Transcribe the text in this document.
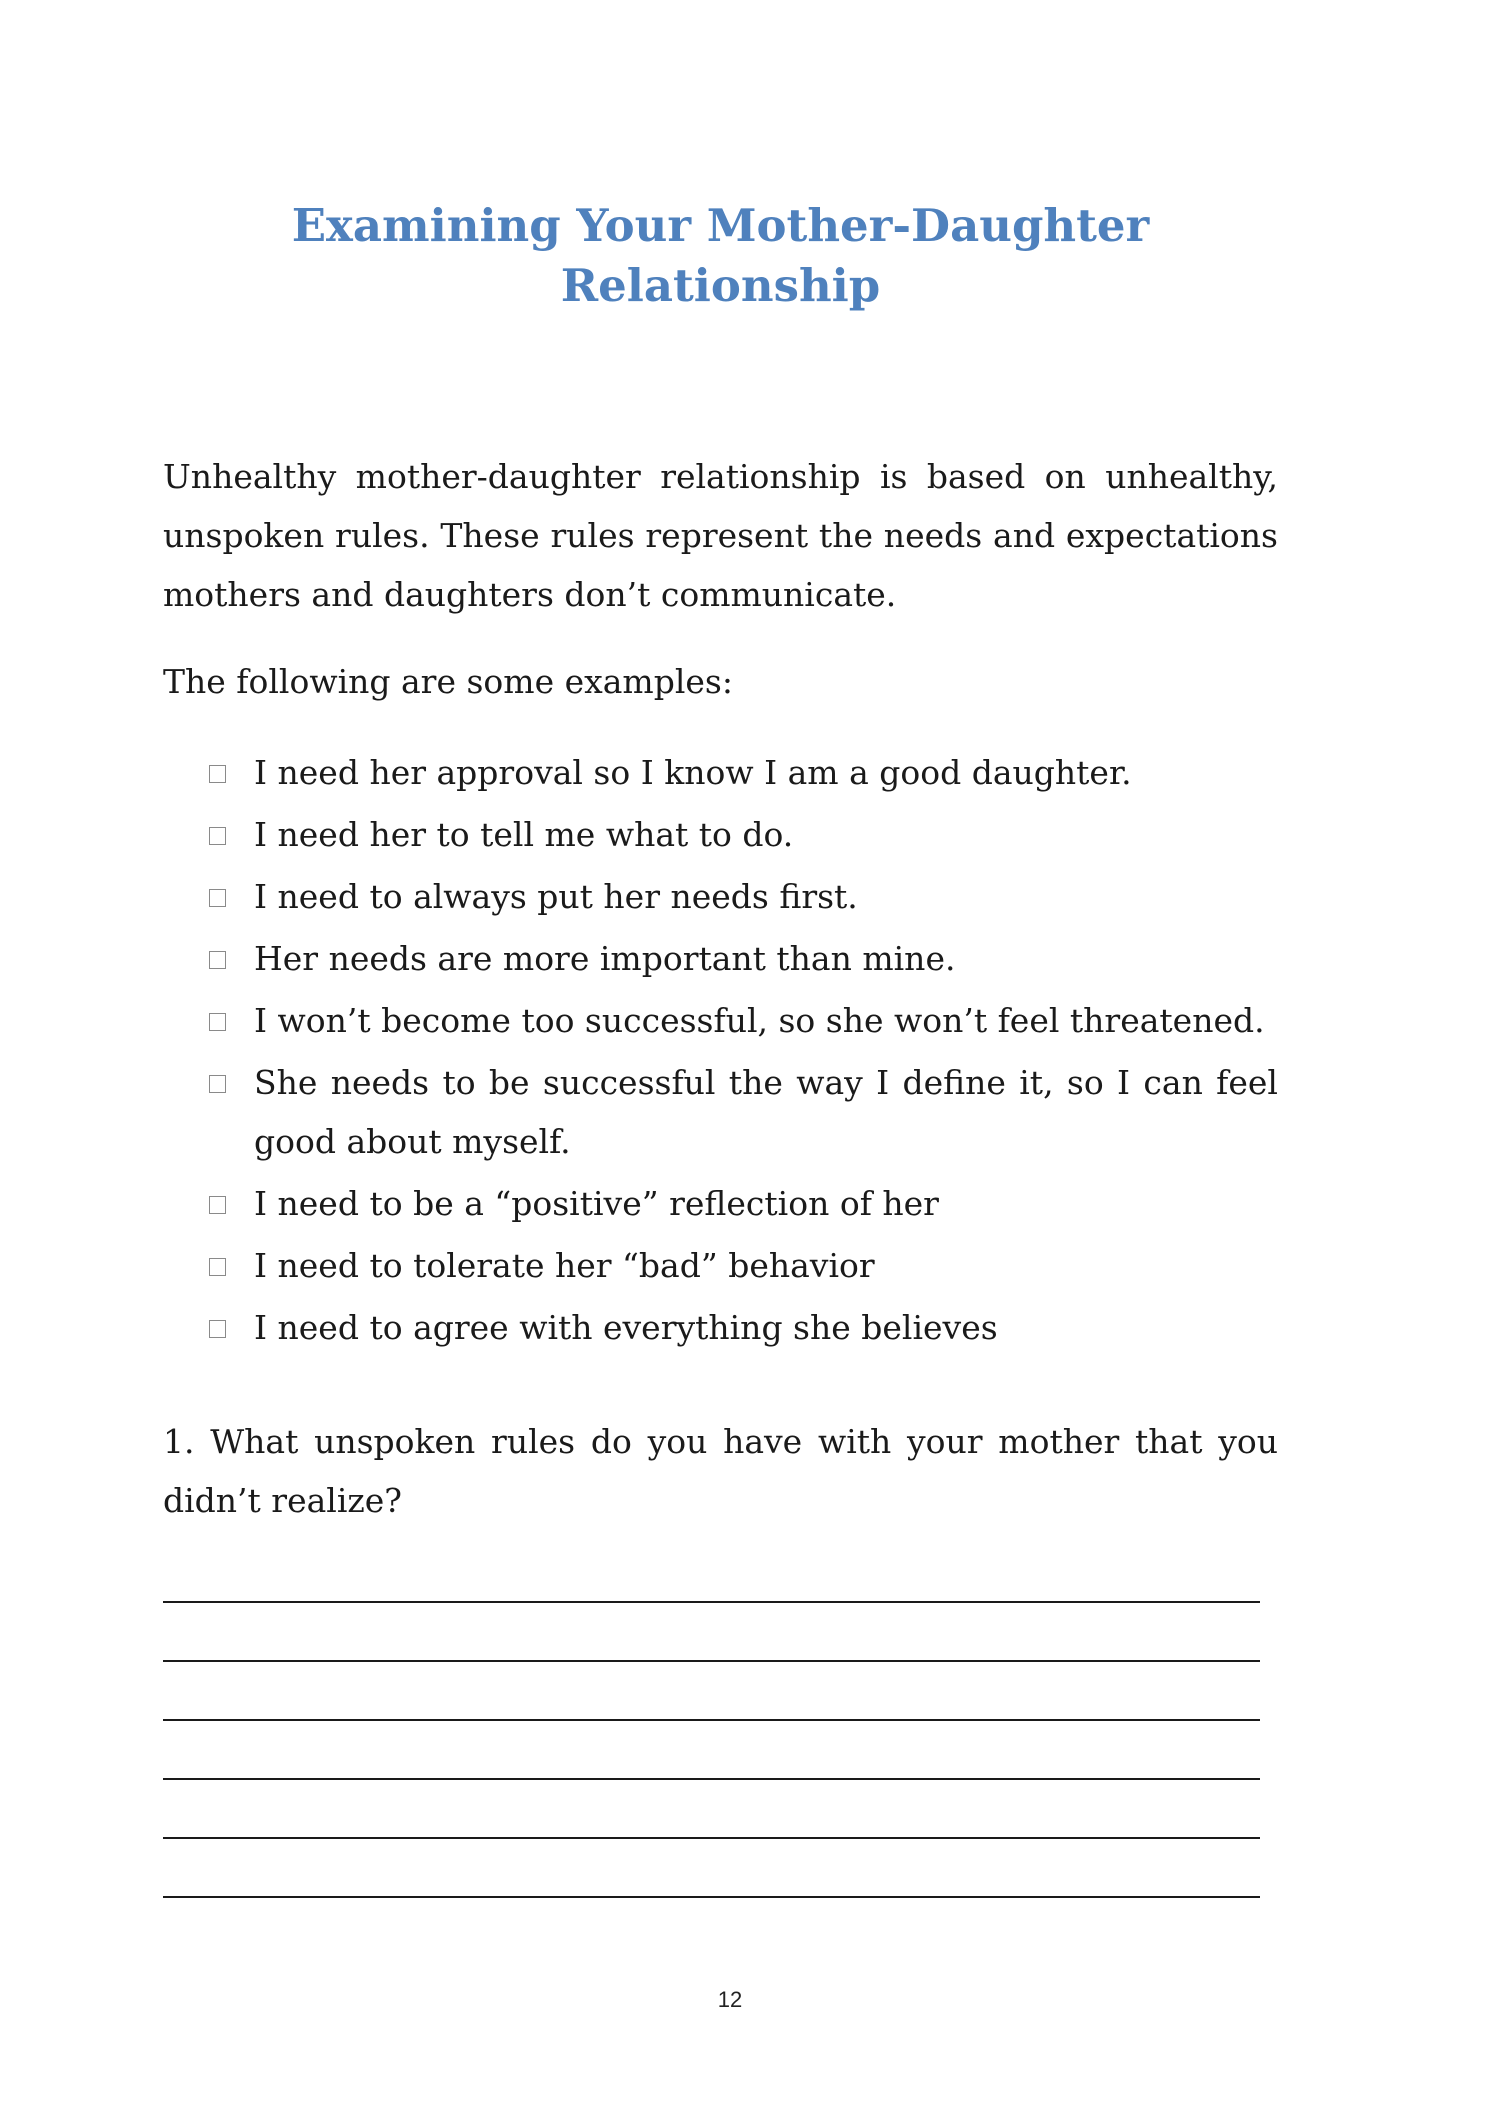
Examining Your Mother-Daughter
Relationship

Unhealthy mother-daughter relationship is based on unhealthy, unspoken rules. These rules represent the needs and expectations mothers and daughters don’t communicate.

The following are some examples:

I need her approval so I know I am a good daughter.
I need her to tell me what to do.
I need to always put her needs first.
Her needs are more important than mine.
I won’t become too successful, so she won’t feel threatened.
She needs to be successful the way I define it, so I can feel good about myself.
I need to be a “positive” reflection of her
I need to tolerate her “bad” behavior
I need to agree with everything she believes

1. What unspoken rules do you have with your mother that you didn’t realize?

12
